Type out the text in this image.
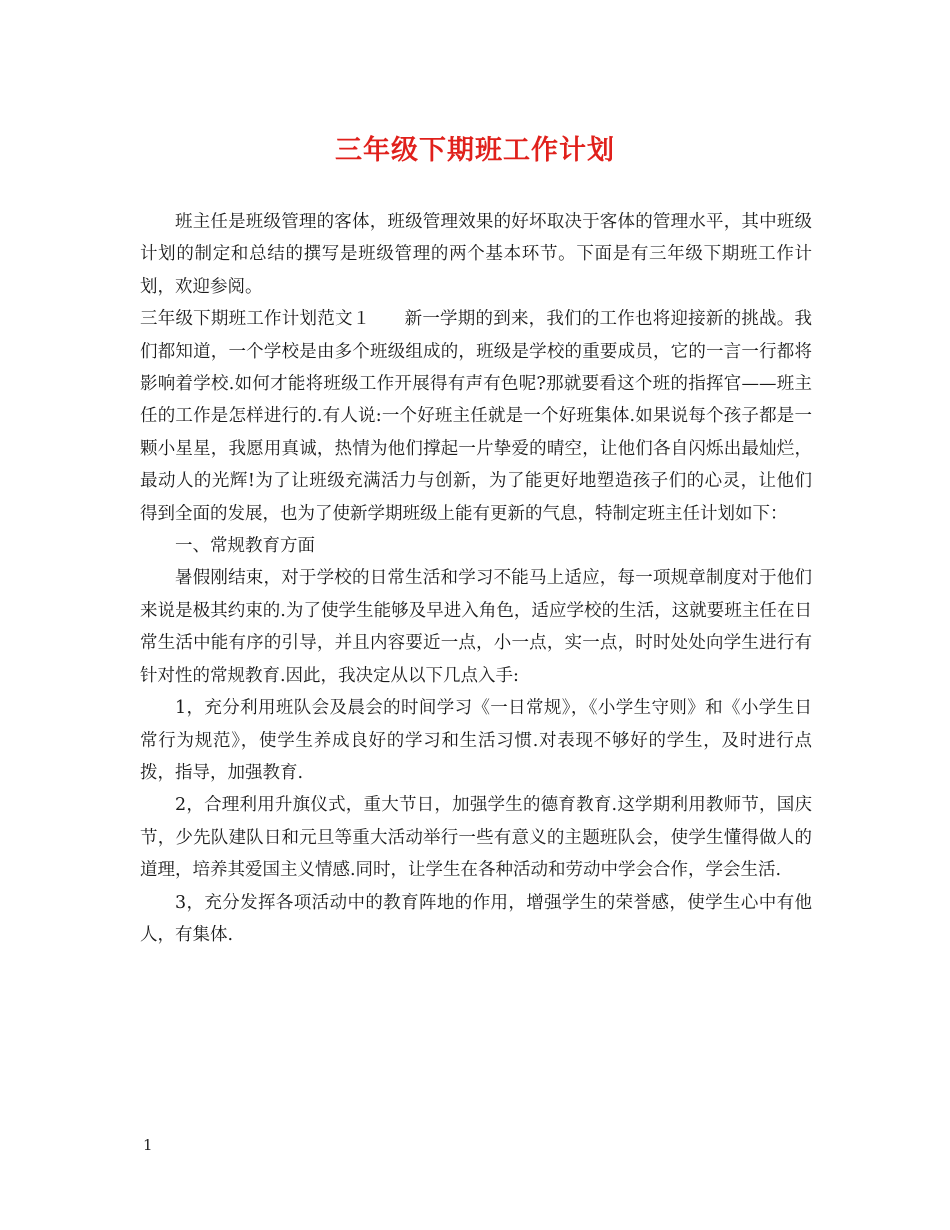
三年级下期班工作计划

班主任是班级管理的客体，班级管理效果的好坏取决于客体的管理水平，其中班级计划的制定和总结的撰写是班级管理的两个基本环节。下面是有三年级下期班工作计划，欢迎参阅。

三年级下期班工作计划范文１ 新一学期的到来，我们的工作也将迎接新的挑战。我们都知道，一个学校是由多个班级组成的，班级是学校的重要成员，它的一言一行都将影响着学校.如何才能将班级工作开展得有声有色呢?那就要看这个班的指挥官——班主任的工作是怎样进行的.有人说:一个好班主任就是一个好班集体.如果说每个孩子都是一颗小星星，我愿用真诚，热情为他们撑起一片挚爱的晴空，让他们各自闪烁出最灿烂，最动人的光辉!为了让班级充满活力与创新，为了能更好地塑造孩子们的心灵，让他们得到全面的发展，也为了使新学期班级上能有更新的气息，特制定班主任计划如下：

一、常规教育方面

暑假刚结束，对于学校的日常生活和学习不能马上适应，每一项规章制度对于他们来说是极其约束的.为了使学生能够及早进入角色，适应学校的生活，这就要班主任在日常生活中能有序的引导，并且内容要近一点，小一点，实一点，时时处处向学生进行有针对性的常规教育.因此，我决定从以下几点入手:

1，充分利用班队会及晨会的时间学习《一日常规》，《小学生守则》和《小学生日常行为规范》，使学生养成良好的学习和生活习惯.对表现不够好的学生，及时进行点拨，指导，加强教育.

2，合理利用升旗仪式，重大节日，加强学生的德育教育.这学期利用教师节，国庆节，少先队建队日和元旦等重大活动举行一些有意义的主题班队会，使学生懂得做人的道理，培养其爱国主义情感.同时，让学生在各种活动和劳动中学会合作，学会生活.

3，充分发挥各项活动中的教育阵地的作用，增强学生的荣誉感，使学生心中有他人，有集体.

1
